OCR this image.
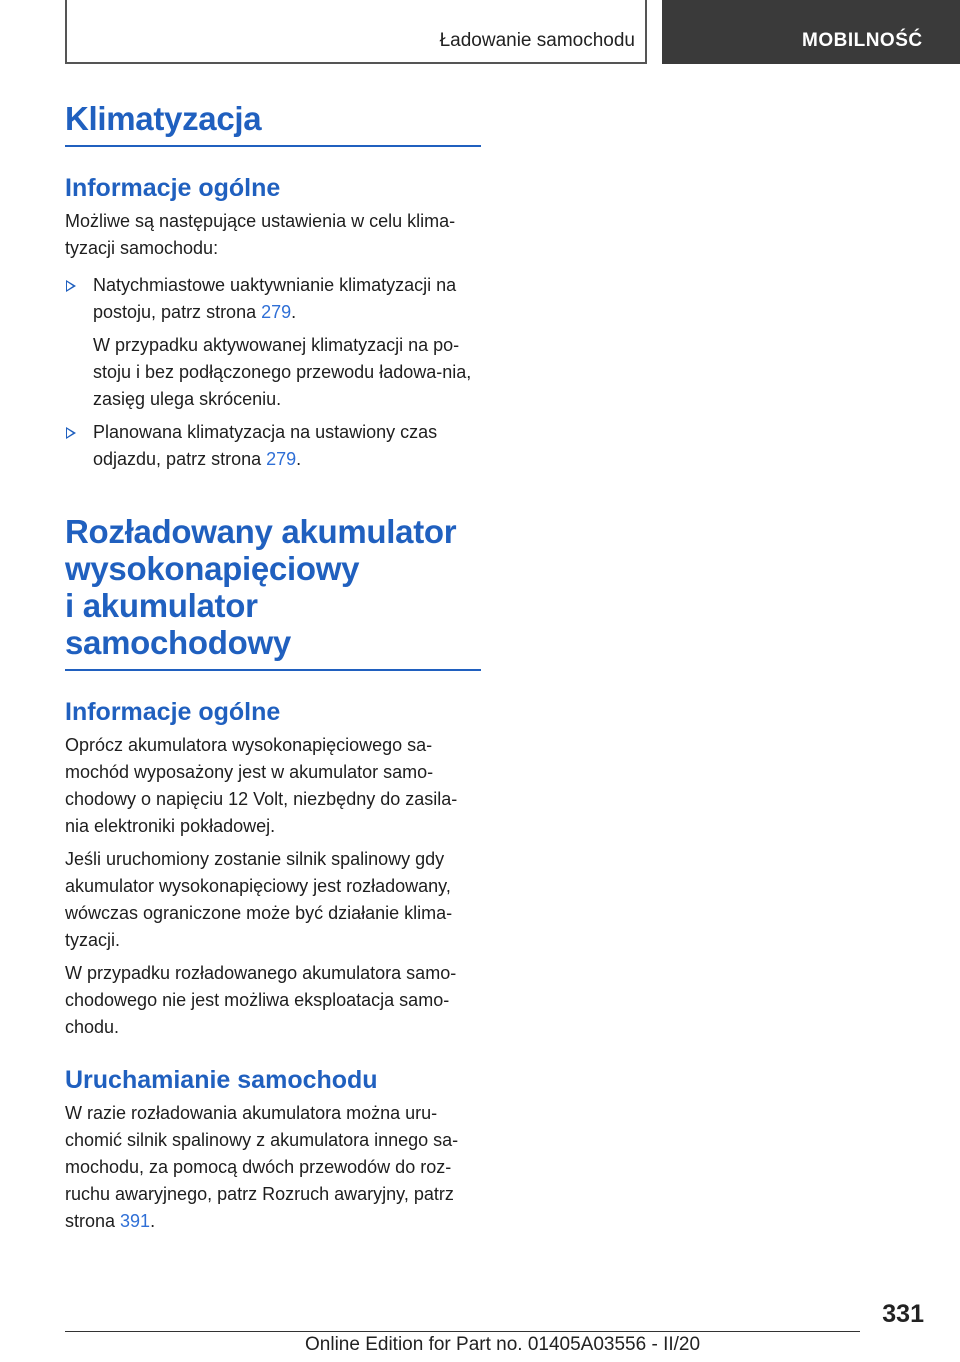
Ładowanie samochodu	MOBILNOŚĆ
Klimatyzacja
Informacje ogólne

Możliwe są następujące ustawienia w celu klima‐tyzacji samochodu:

Natychmiastowe uaktywnianie klimatyzacji na postoju, patrz strona 279.

W przypadku aktywowanej klimatyzacji na po‐stoju i bez podłączonego przewodu ładowa‐nia, zasięg ulega skróceniu.

Planowana klimatyzacja na ustawiony czas odjazdu, patrz strona 279.

Rozładowany akumulator
wysokonapięciowy
i akumulator samochodowy
Informacje ogólne

Oprócz akumulatora wysokonapięciowego sa‐mochód wyposażony jest w akumulator samo‐chodowy o napięciu 12 Volt, niezbędny do zasila‐nia elektroniki pokładowej.

Jeśli uruchomiony zostanie silnik spalinowy gdy akumulator wysokonapięciowy jest rozładowany, wówczas ograniczone może być działanie klima‐tyzacji.

W przypadku rozładowanego akumulatora samo‐chodowego nie jest możliwa eksploatacja samo‐chodu.

Uruchamianie samochodu

W razie rozładowania akumulatora można uru‐chomić silnik spalinowy z akumulatora innego sa‐mochodu, za pomocą dwóch przewodów do roz‐ruchu awaryjnego, patrz Rozruch awaryjny, patrz strona 391.

331
Online Edition for Part no. 01405A03556 - II/20
